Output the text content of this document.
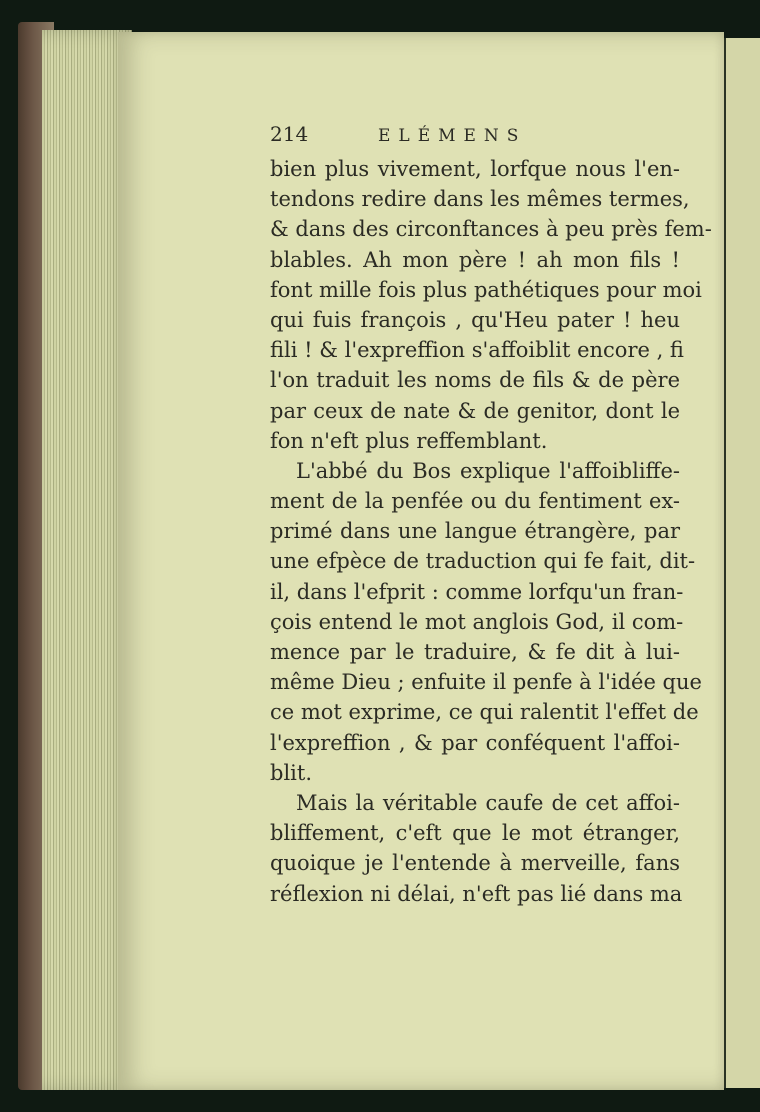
214	ELÉMENS
bien plus vivement, lorfque nous l'en-
tendons redire dans les mêmes termes,
& dans des circonftances à peu près fem-
blables. Ah mon père ! ah mon fils !
font mille fois plus pathétiques pour moi
qui fuis françois , qu'Heu pater ! heu
fili ! & l'expreffion s'affoiblit encore , fi
l'on traduit les noms de fils & de père
par ceux de nate & de genitor, dont le
fon n'eft plus reffemblant.
L'abbé du Bos explique l'affoibliffe-
ment de la penfée ou du fentiment ex-
primé dans une langue étrangère, par
une efpèce de traduction qui fe fait, dit-
il, dans l'efprit : comme lorfqu'un fran-
çois entend le mot anglois God, il com-
mence par le traduire, & fe dit à lui-
même Dieu ; enfuite il penfe à l'idée que
ce mot exprime, ce qui ralentit l'effet de
l'expreffion , & par conféquent l'affoi-
blit.
Mais la véritable caufe de cet affoi-
bliffement, c'eft que le mot étranger,
quoique je l'entende à merveille, fans
réflexion ni délai, n'eft pas lié dans ma
